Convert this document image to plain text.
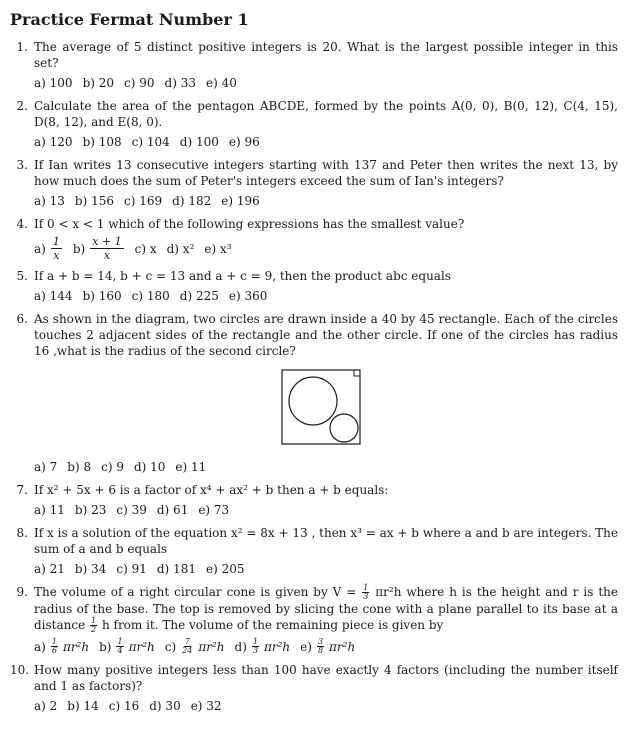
Practice Fermat Number 1
1. The average of 5 distinct positive integers is 20. What is the largest possible integer in this set?

a) 100 b) 20 c) 90 d) 33 e) 40
2. Calculate the area of the pentagon ABCDE, formed by the points A(0, 0), B(0, 12), C(4, 15), D(8, 12), and E(8, 0).

a) 120 b) 108 c) 104 d) 100 e) 96
3. If Ian writes 13 consecutive integers starting with 137 and Peter then writes the next 13, by how much does the sum of Peter's integers exceed the sum of Ian's integers?

a) 13 b) 156 c) 169 d) 182 e) 196
4. If 0 < x < 1 which of the following expressions has the smallest value?

$a) \frac{1}{x} b) \frac{x + 1}{x} c$) x d) x² e) x³
5. If a + b = 14, b + c = 13 and a + c = 9, then the product abc equals

a) 144 b) 160 c) 180 d) 225 e) 360
6. As shown in the diagram, two circles are drawn inside a 40 by 45 rectangle. Each of the circles touches 2 adjacent sides of the rectangle and the other circle. If one of the circles has radius 16 ,what is the radius of the second circle?

a) 7 b) 8 c) 9 d) 10 e) 11
7. If x² + 5x + 6 is a factor of x⁴ + ax² + b then a + b equals:

a) 11 b) 23 c) 39 d) 61 e) 73
8. If x is a solution of the equation x² = 8x + 13 , then x³ = ax + b where a and b are integers. The sum of a and b equals

a) 21 b) 34 c) 91 d) 181 e) 205
9. The volume of a right circular cone is given by $V = \frac{1}{3} \pi r^2h$ where h is the height and r is the radius of the base. The top is removed by slicing the cone with a plane parallel to its base at a distance $\frac{1}{2}$ h from it. The volume of the remaining piece is given by

$a) \frac{1}{6} \pi r^2h$ $b) \frac{1}{4} \pi r^2h$ $c) \frac{7}{24} \pi r^2h$ $d) \frac{1}{3} \pi r^2h$ $e) \frac{3}{8} \pi r^2h$
10. How many positive integers less than 100 have exactly 4 factors (including the number itself and 1 as factors)?

a) 2 b) 14 c) 16 d) 30 e) 32
